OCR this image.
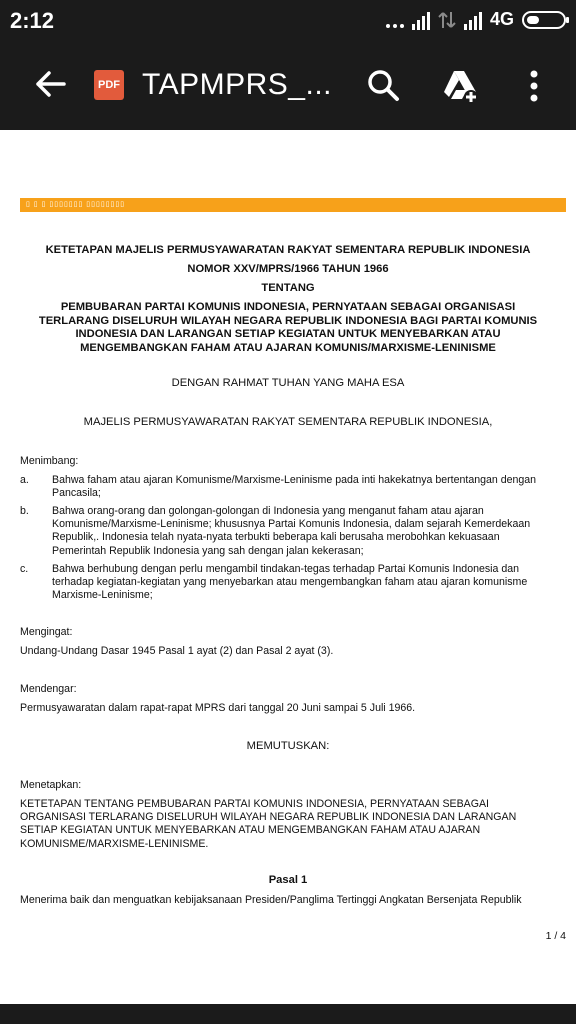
2:12	4G
PDF TAPMPRS_...
▯ ▯ ▯ ▯▯▯▯▯▯▯ ▯▯▯▯▯▯▯▯
KETETAPAN MAJELIS PERMUSYAWARATAN RAKYAT SEMENTARA REPUBLIK INDONESIA
NOMOR XXV/MPRS/1966 TAHUN 1966
TENTANG
PEMBUBARAN PARTAI KOMUNIS INDONESIA, PERNYATAAN SEBAGAI ORGANISASI TERLARANG DISELURUH WILAYAH NEGARA REPUBLIK INDONESIA BAGI PARTAI KOMUNIS INDONESIA DAN LARANGAN SETIAP KEGIATAN UNTUK MENYEBARKAN ATAU MENGEMBANGKAN FAHAM ATAU AJARAN KOMUNIS/MARXISME-LENINISME
DENGAN RAHMAT TUHAN YANG MAHA ESA
MAJELIS PERMUSYAWARATAN RAKYAT SEMENTARA REPUBLIK INDONESIA,
Menimbang:
a. Bahwa faham atau ajaran Komunisme/Marxisme-Leninisme pada inti hakekatnya bertentangan dengan Pancasila;
b. Bahwa orang-orang dan golongan-golongan di Indonesia yang menganut faham atau ajaran Komunisme/Marxisme-Leninisme; khususnya Partai Komunis Indonesia, dalam sejarah Kemerdekaan Republik,. Indonesia telah nyata-nyata terbukti beberapa kali berusaha merobohkan kekuasaan Pemerintah Republik Indonesia yang sah dengan jalan kekerasan;
c. Bahwa berhubung dengan perlu mengambil tindakan-tegas terhadap Partai Komunis Indonesia dan terhadap kegiatan-kegiatan yang menyebarkan atau mengembangkan faham atau ajaran komunisme Marxisme-Leninisme;
Mengingat:
Undang-Undang Dasar 1945 Pasal 1 ayat (2) dan Pasal 2 ayat (3).
Mendengar:
Permusyawaratan dalam rapat-rapat MPRS dari tanggal 20 Juni sampai 5 Juli 1966.
MEMUTUSKAN:
Menetapkan:
KETETAPAN TENTANG PEMBUBARAN PARTAI KOMUNIS INDONESIA, PERNYATAAN SEBAGAI ORGANISASI TERLARANG DISELURUH WILAYAH NEGARA REPUBLIK INDONESIA DAN LARANGAN SETIAP KEGIATAN UNTUK MENYEBARKAN ATAU MENGEMBANGKAN FAHAM ATAU AJARAN KOMUNISME/MARXISME-LENINISME.
Pasal 1
Menerima baik dan menguatkan kebijaksanaan Presiden/Panglima Tertinggi Angkatan Bersenjata Republik
1 / 4
